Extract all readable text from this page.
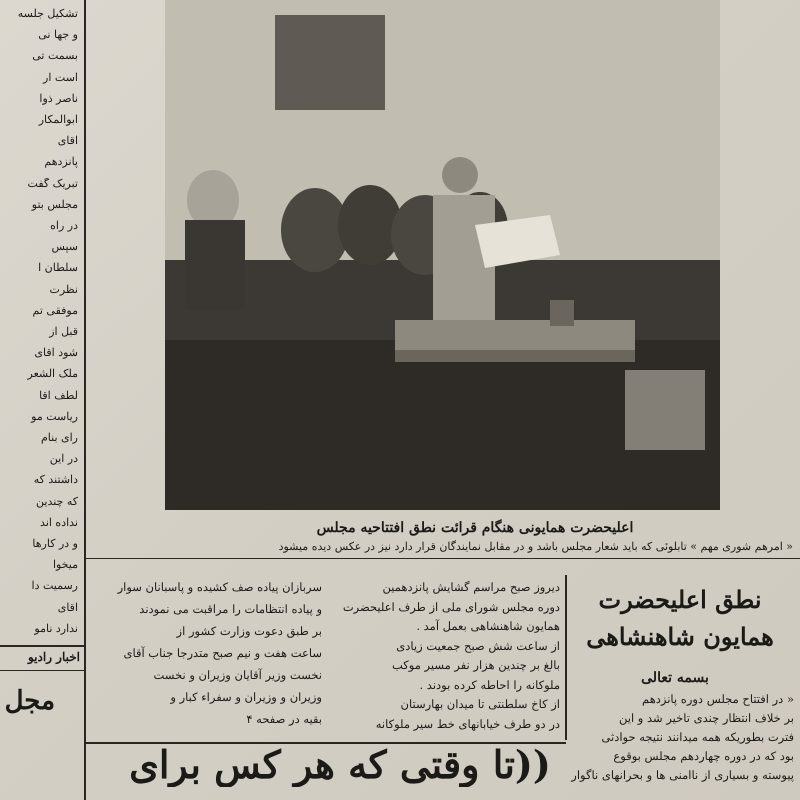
تشکیل جلسه
و جها نی
بسمت تی
است ار
ناصر ذوا
ابوالمکار
آقای
پانزدهم
تبریک گفت
مجلس بتو
در راه
سپس
سلطان ا
نظرت
موفقی تم
قبل از
شود آقای
ملک الشعر
لطف آقا
ریاست مو
رای بنام
در این
داشتند که
که چندین
نداده اند
و در کارها
میخوا
رسمیت دا
آقای
ندارد نامو
اخبار رادیو
مجل
اعلیحضرت همایونی هنگام قرائت نطق افتتاحیه مجلس
« امرهم شوری مهم » تابلوئی که باید شعار مجلس باشد و در مقابل نمایندگان قرار دارد نیز در عکس دیده میشود
دیروز صبح مراسم گشایش پانزدهمین
دوره مجلس شورای ملی از طرف اعلیحضرت
همایون شاهنشاهی بعمل آمد .
از ساعت شش صبح جمعیت زیادی
بالغ بر چندین هزار نفر مسیر موکب
ملوکانه را احاطه کرده بودند .
از کاخ سلطنتی تا میدان بهارستان
در دو طرف خیابانهای خط سیر ملوکانه
سربازان پیاده صف کشیده و پاسبانان سوار
و پیاده انتظامات را مراقبت می نمودند
بر طبق دعوت وزارت کشور از
ساعت هفت و نیم صبح متدرجا جناب آقای
نخست وزیر آقایان وزیران و نخست
وزیران و وزیران و سفراء کبار و
بقیه در صفحه ۴
نطق اعلیحضرت
همایون شاهنشاهی
بسمه تعالی
« در افتتاح مجلس دوره پانزدهم
بر خلاف انتظار چندی تاخیر شد و این
فترت بطوریکه همه میدانند نتیجه حوادثی
بود که در دوره چهاردهم مجلس بوقوع
پیوسته و بسیاری از ناامنی ها و بحرانهای ناگوار
((تا وقتی که هر کس برای
